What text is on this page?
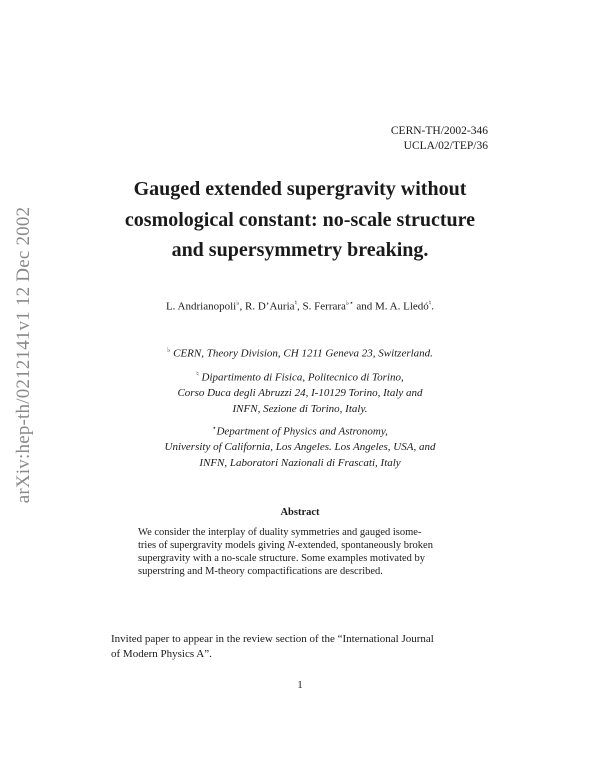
arXiv:hep-th/0212141v1 12 Dec 2002
CERN-TH/2002-346
UCLA/02/TEP/36
Gauged extended supergravity without
cosmological constant: no-scale structure
and supersymmetry breaking.
L. Andrianopoli♭, R. D’Auria♮, S. Ferrara♭⋆ and M. A. Lledó♮.
♭ CERN, Theory Division, CH 1211 Geneva 23, Switzerland.
♮ Dipartimento di Fisica, Politecnico di Torino,
Corso Duca degli Abruzzi 24, I-10129 Torino, Italy and
INFN, Sezione di Torino, Italy.
⋆Department of Physics and Astronomy,
University of California, Los Angeles. Los Angeles, USA, and
INFN, Laboratori Nazionali di Frascati, Italy
Abstract
We consider the interplay of duality symmetries and gauged isome-
tries of supergravity models giving N-extended, spontaneously broken
supergravity with a no-scale structure. Some examples motivated by
superstring and M-theory compactifications are described.
Invited paper to appear in the review section of the “International Journal
of Modern Physics A”.
1
